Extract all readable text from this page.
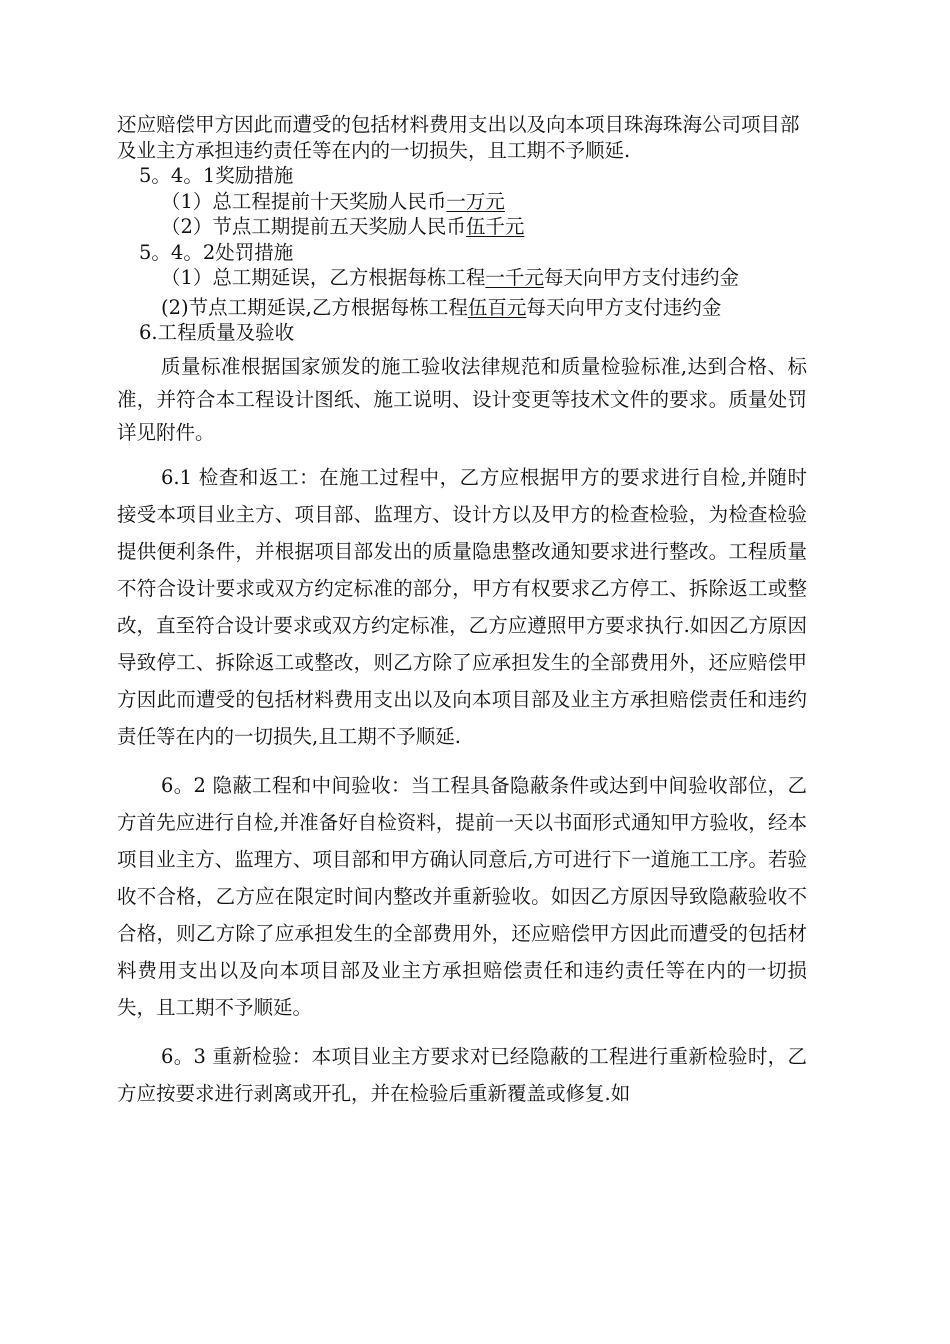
还应赔偿甲方因此而遭受的包括材料费用支出以及向本项目珠海珠海公司项目部及业主方承担违约责任等在内的一切损失，且工期不予顺延.

5。4。1奖励措施

（1）总工程提前十天奖励人民币一万元

（2）节点工期提前五天奖励人民币伍千元

5。4。2处罚措施

（1）总工期延误，乙方根据每栋工程一千元每天向甲方支付违约金

(2)节点工期延误,乙方根据每栋工程伍百元每天向甲方支付违约金

6.工程质量及验收

质量标准根据国家颁发的施工验收法律规范和质量检验标准,达到合格、标准，并符合本工程设计图纸、施工说明、设计变更等技术文件的要求。质量处罚详见附件。

6.1 检查和返工：在施工过程中，乙方应根据甲方的要求进行自检,并随时接受本项目业主方、项目部、监理方、设计方以及甲方的检查检验，为检查检验提供便利条件，并根据项目部发出的质量隐患整改通知要求进行整改。工程质量不符合设计要求或双方约定标准的部分，甲方有权要求乙方停工、拆除返工或整改，直至符合设计要求或双方约定标准，乙方应遵照甲方要求执行.如因乙方原因导致停工、拆除返工或整改，则乙方除了应承担发生的全部费用外，还应赔偿甲方因此而遭受的包括材料费用支出以及向本项目部及业主方承担赔偿责任和违约责任等在内的一切损失,且工期不予顺延.

6。2 隐蔽工程和中间验收：当工程具备隐蔽条件或达到中间验收部位，乙方首先应进行自检,并准备好自检资料，提前一天以书面形式通知甲方验收，经本项目业主方、监理方、项目部和甲方确认同意后,方可进行下一道施工工序。若验收不合格，乙方应在限定时间内整改并重新验收。如因乙方原因导致隐蔽验收不合格，则乙方除了应承担发生的全部费用外，还应赔偿甲方因此而遭受的包括材料费用支出以及向本项目部及业主方承担赔偿责任和违约责任等在内的一切损失，且工期不予顺延。

6。3 重新检验：本项目业主方要求对已经隐蔽的工程进行重新检验时，乙方应按要求进行剥离或开孔，并在检验后重新覆盖或修复.如
